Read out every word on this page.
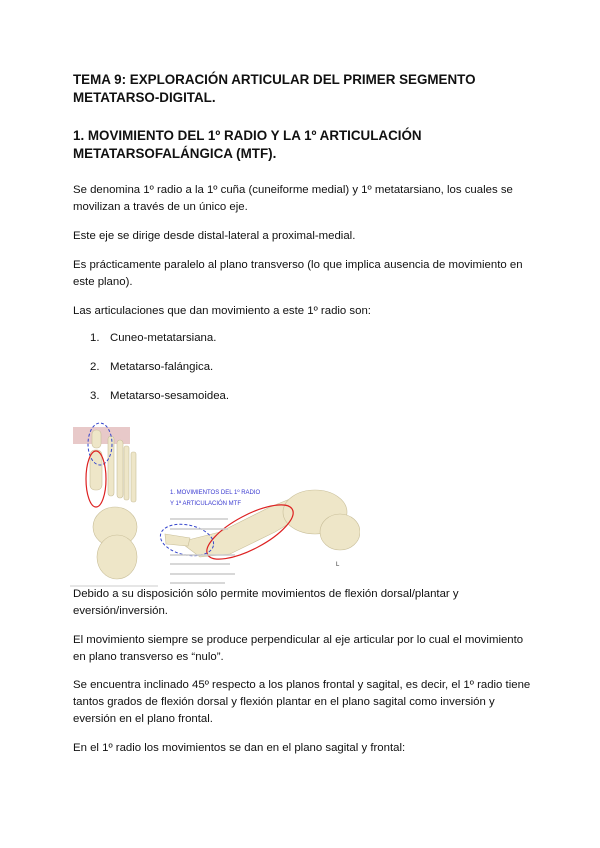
TEMA 9: EXPLORACIÓN ARTICULAR DEL PRIMER SEGMENTO METATARSO-DIGITAL.
1. MOVIMIENTO DEL 1º RADIO Y LA 1º ARTICULACIÓN METATARSOFALÁNGICA (MTF).
Se denomina 1º radio a la 1º cuña (cuneiforme medial) y 1º metatarsiano, los cuales se movilizan a través de un único eje.
Este eje se dirige desde distal-lateral a proximal-medial.
Es prácticamente paralelo al plano transverso (lo que implica ausencia de movimiento en este plano).
Las articulaciones que dan movimiento a este 1º radio son:
1. Cuneo-metatarsiana.
2. Metatarso-falángica.
3. Metatarso-sesamoidea.
1. MOVIMIENTOS DEL 1º RADIO
Y 1ª ARTICULACIÓN MTF
L
Debido a su disposición sólo permite movimientos de flexión dorsal/plantar y eversión/inversión.
El movimiento siempre se produce perpendicular al eje articular por lo cual el movimiento en plano transverso es “nulo”.
Se encuentra inclinado 45º respecto a los planos frontal y sagital, es decir, el 1º radio tiene tantos grados de flexión dorsal y flexión plantar en el plano sagital como inversión y eversión en el plano frontal.
En el 1º radio los movimientos se dan en el plano sagital y frontal:
